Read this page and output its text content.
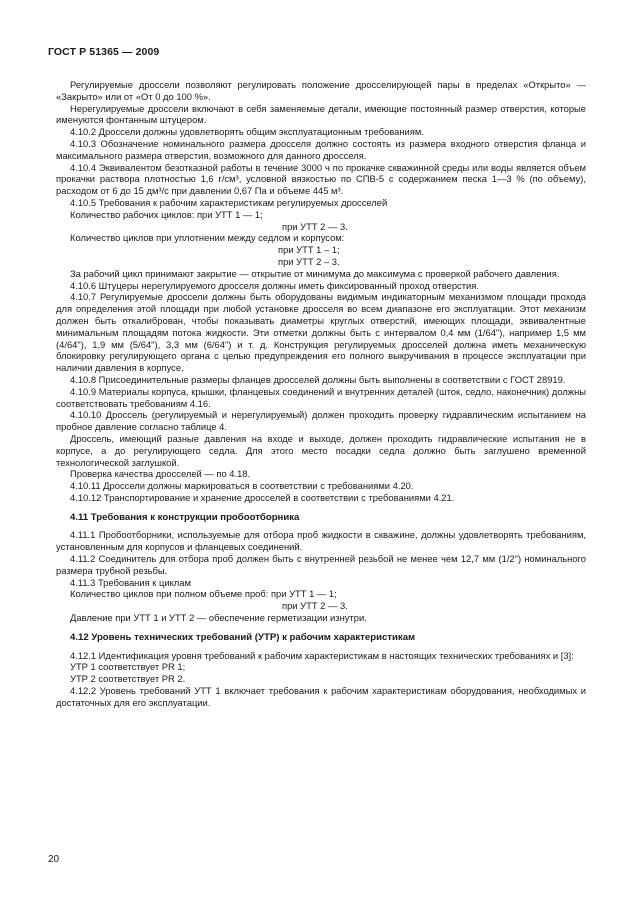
ГОСТ Р 51365 — 2009

Регулируемые дроссели позволяют регулировать положение дросселирующей пары в пределах «Открыто» — «Закрыто» или от «От 0 до 100 %».

Нерегулируемые дроссели включают в себя заменяемые детали, имеющие постоянный размер отверстия, которые именуются фонтанным штуцером.

4.10.2 Дроссели должны удовлетворять общим эксплуатационным требованиям.

4.10.3 Обозначение номинального размера дросселя должно состоять из размера входного отверстия фланца и максимального размера отверстия, возможного для данного дросселя.

4.10.4 Эквивалентом безотказной работы в течение 3000 ч по прокачке скважинной среды или воды является объем прокачки раствора плотностью 1,6 г/см³, условной вязкостью по СПВ-5 с содержанием песка 1—3 % (по объему), расходом от 6 до 15 дм³/с при давлении 0,67 Па и объеме 445 м³.

4.10.5 Требования к рабочим характеристикам регулируемых дросселей

Количество рабочих циклов: при УТТ 1 — 1;

при УТТ 2 — 3.

Количество циклов при уплотнении между седлом и корпусом:

при УТТ 1 – 1;

при УТТ 2 – 3.

За рабочий цикл принимают закрытие — открытие от минимума до максимума с проверкой рабочего давления.

4.10.6 Штуцеры нерегулируемого дросселя должны иметь фиксированный проход отверстия.

4.10.7 Регулируемые дроссели должны быть оборудованы видимым индикаторным механизмом площади прохода для определения этой площади при любой установке дросселя во всем диапазоне его эксплуатации. Этот механизм должен быть откалиброван, чтобы показывать диаметры круглых отверстий, имеющих площади, эквивалентные минимальным площадям потока жидкости. Эти отметки должны быть с интервалом 0,4 мм (1/64"), например 1,5 мм (4/64"), 1,9 мм (5/64"), 3,3 мм (6/64") и т. д. Конструкция регулируемых дросселей должна иметь механическую блокировку регулирующего органа с целью предупреждения его полного выкручивания в процессе эксплуатации при наличии давления в корпусе.

4.10.8 Присоединительные размеры фланцев дросселей должны быть выполнены в соответствии с ГОСТ 28919.

4.10.9 Материалы корпуса, крышки, фланцевых соединений и внутренних деталей (шток, седло, наконечник) должны соответствовать требованиям 4.16.

4.10.10 Дроссель (регулируемый и нерегулируемый) должен проходить проверку гидравлическим испытанием на пробное давление согласно таблице 4.

Дроссель, имеющий разные давления на входе и выходе, должен проходить гидравлические испытания не в корпусе, а до регулирующего седла. Для этого место посадки седла должно быть заглушено временной технологической заглушкой.

Проверка качества дросселей — по 4.18.

4.10.11 Дроссели должны маркироваться в соответствии с требованиями 4.20.

4.10.12 Транспортирование и хранение дросселей в соответствии с требованиями 4.21.

4.11 Требования к конструкции пробоотборника

4.11.1 Пробоотборники, используемые для отбора проб жидкости в скважине, должны удовлетворять требованиям, установленным для корпусов и фланцевых соединений.

4.11.2 Соединитель для отбора проб должен быть с внутренней резьбой не менее чем 12,7 мм (1/2") номинального размера трубной резьбы.

4.11.3 Требования к циклам

Количество циклов при полном объеме проб: при УТТ 1 — 1;

при УТТ 2 — 3.

Давление при УТТ 1 и УТТ 2 — обеспечение герметизации изнутри.

4.12 Уровень технических требований (УТР) к рабочим характеристикам

4.12.1 Идентификация уровня требований к рабочим характеристикам в настоящих технических требованиях и [3]:

УТР 1 соответствует PR 1;

УТР 2 соответствует PR 2.

4.12.2 Уровень требований УТТ 1 включает требования к рабочим характеристикам оборудования, необходимых и достаточных для его эксплуатации.

20
